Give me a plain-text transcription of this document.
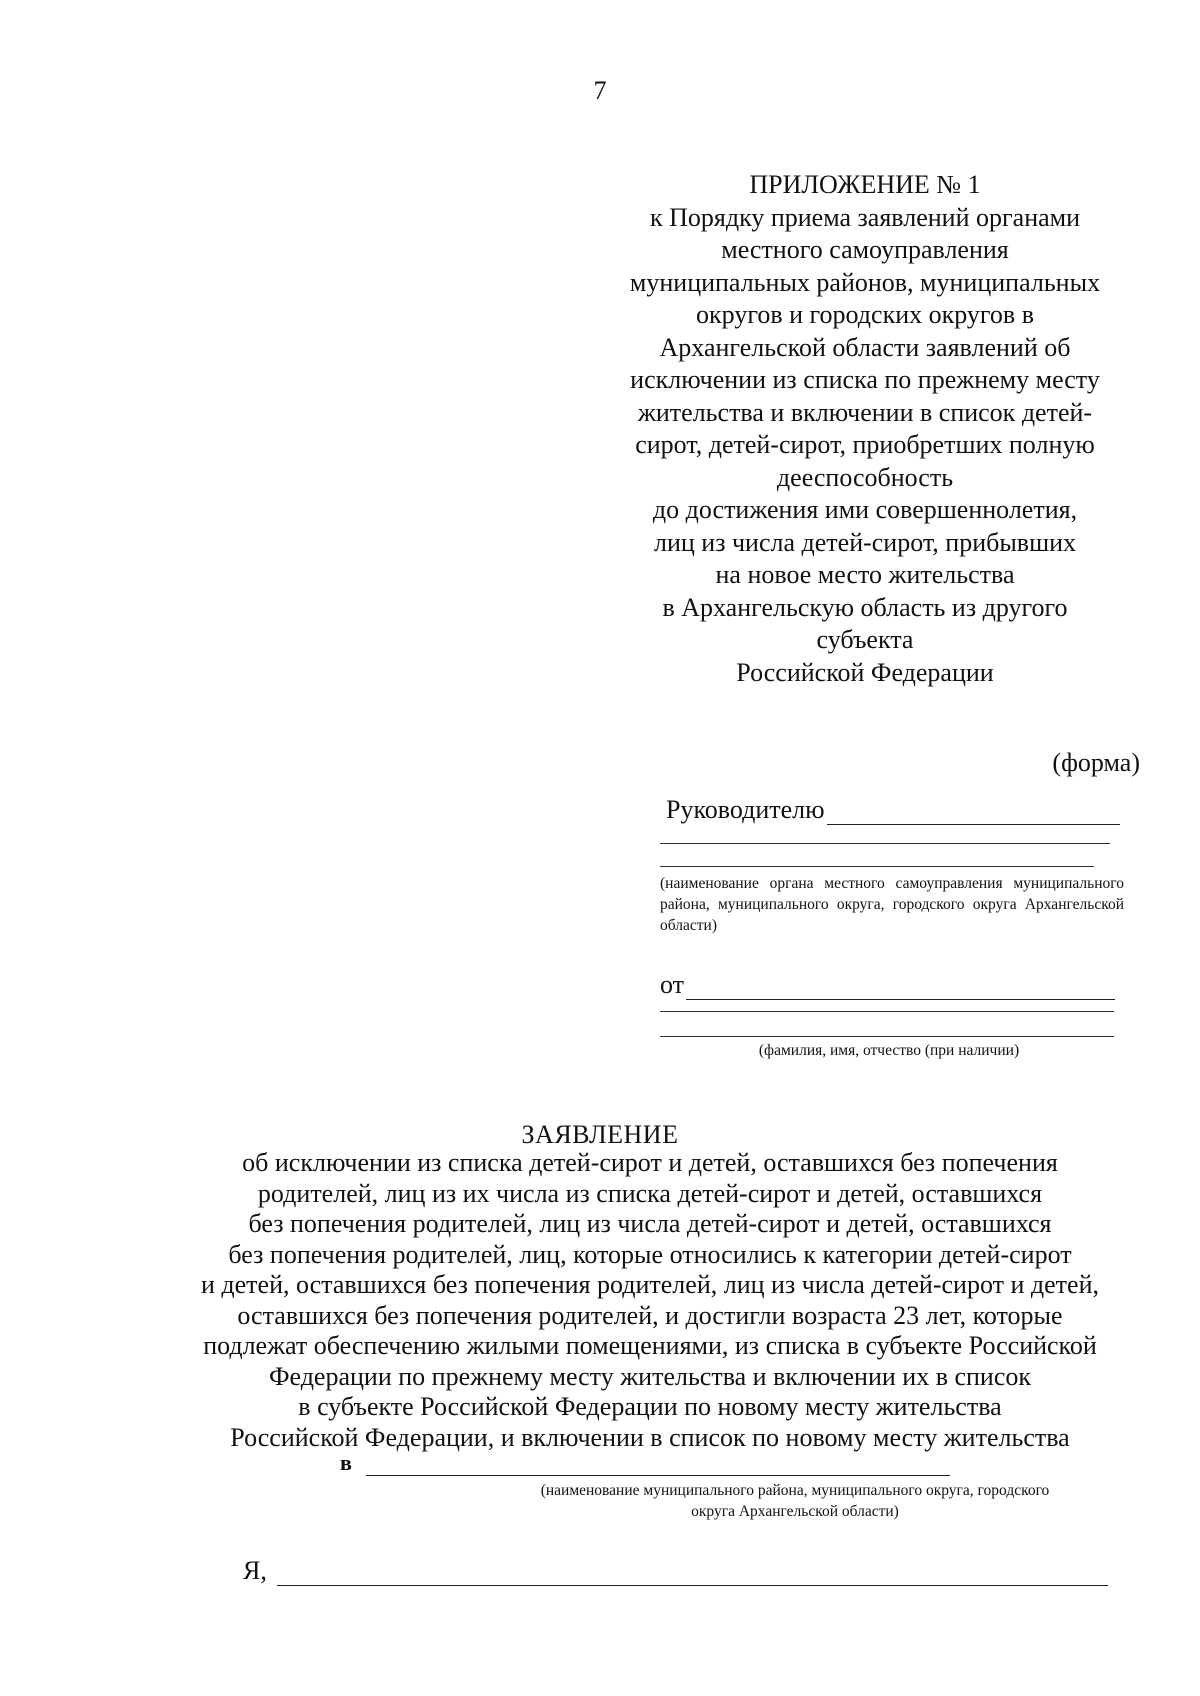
7
ПРИЛОЖЕНИЕ № 1
к Порядку приема заявлений органами
местного самоуправления
муниципальных районов, муниципальных
округов и городских округов в
Архангельской области заявлений об
исключении из списка по прежнему месту
жительства и включении в список детей-
сирот, детей-сирот, приобретших полную
дееспособность
до достижения ими совершеннолетия,
лиц из числа детей-сирот, прибывших
на новое место жительства
в Архангельскую область из другого
субъекта
Российской Федерации
(форма)
Руководителю
(наименование органа местного самоуправления муниципального района, муниципального округа, городского округа Архангельской области)
от
(фамилия, имя, отчество (при наличии)
ЗАЯВЛЕНИЕ
об исключении из списка детей-сирот и детей, оставшихся без попечения
родителей, лиц из их числа из списка детей-сирот и детей, оставшихся
без попечения родителей, лиц из числа детей-сирот и детей, оставшихся
без попечения родителей, лиц, которые относились к категории детей-сирот
и детей, оставшихся без попечения родителей, лиц из числа детей-сирот и детей,
оставшихся без попечения родителей, и достигли возраста 23 лет, которые
подлежат обеспечению жилыми помещениями, из списка в субъекте Российской
Федерации по прежнему месту жительства и включении их в список
в субъекте Российской Федерации по новому месту жительства
Российской Федерации, и включении в список по новому месту жительства
в
(наименование муниципального района, муниципального округа, городского округа Архангельской области)
Я,
